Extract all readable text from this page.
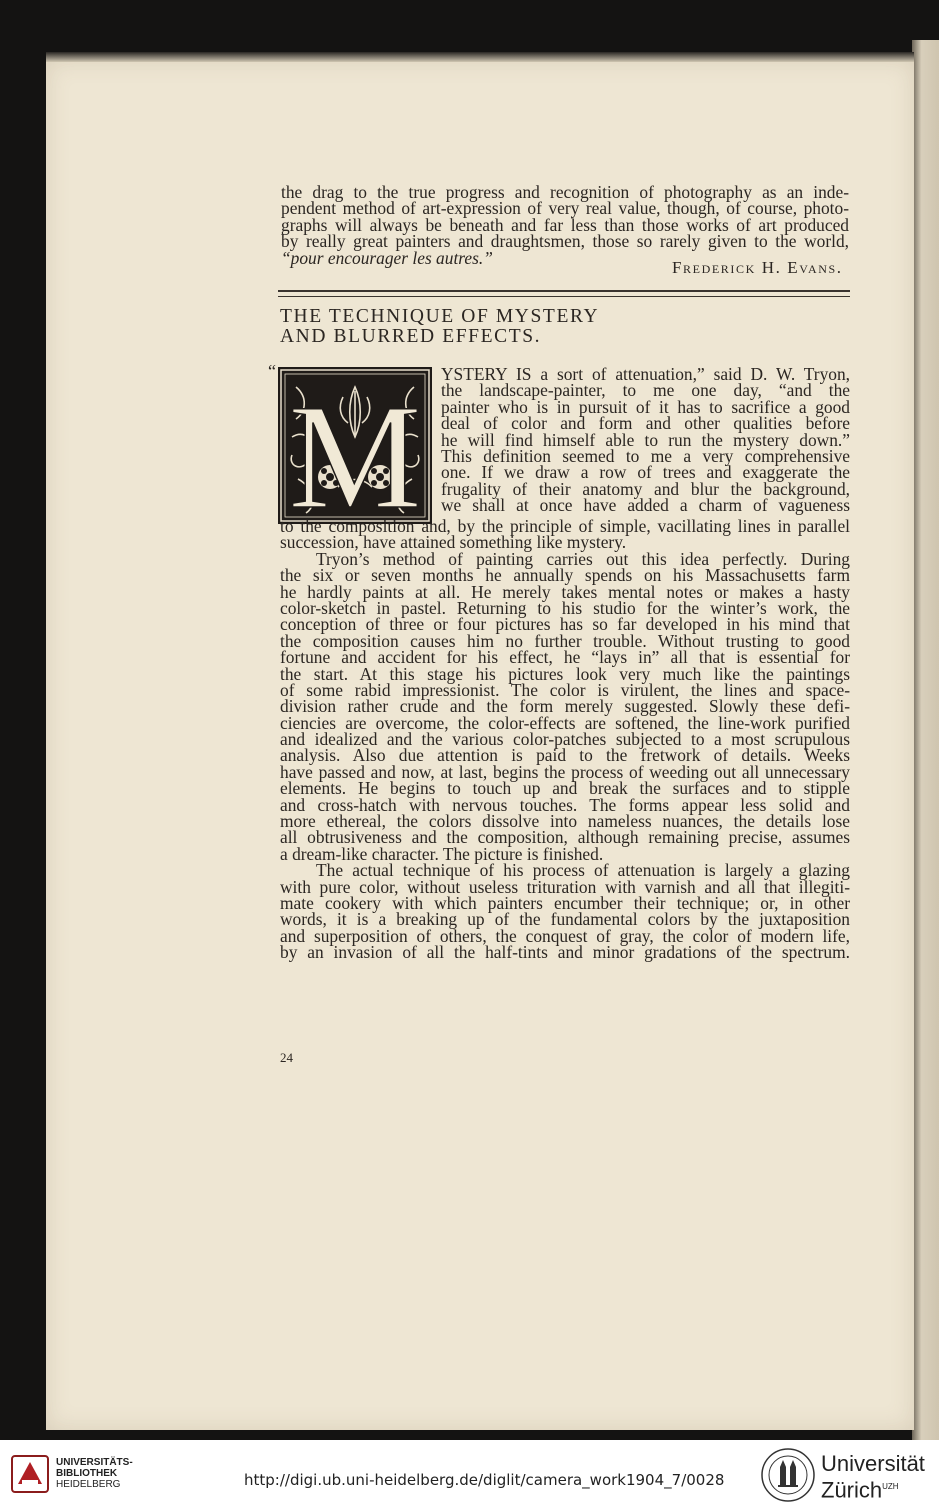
the drag to the true progress and recognition of photography as an inde-
pendent method of art-expression of very real value, though, of course, photo-
graphs will always be beneath and far less than those works of art produced
by really great painters and draughtsmen, those so rarely given to the world,
“pour encourager les autres.”	Frederick H. Evans.
THE TECHNIQUE OF MYSTERY
AND BLURRED EFFECTS.
“
M YSTERY IS a sort of attenuation,” said D. W. Tryon,
the landscape-painter, to me one day, “and the
painter who is in pursuit of it has to sacrifice a good
deal of color and form and other qualities before
he will find himself able to run the mystery down.”
This definition seemed to me a very comprehensive
one. If we draw a row of trees and exaggerate the
frugality of their anatomy and blur the background,
we shall at once have added a charm of vagueness
to the composition and, by the principle of simple, vacillating lines in parallel
succession, have attained something like mystery.
Tryon’s method of painting carries out this idea perfectly. During
the six or seven months he annually spends on his Massachusetts farm
he hardly paints at all. He merely takes mental notes or makes a hasty
color-sketch in pastel. Returning to his studio for the winter’s work, the
conception of three or four pictures has so far developed in his mind that
the composition causes him no further trouble. Without trusting to good
fortune and accident for his effect, he “lays in” all that is essential for
the start. At this stage his pictures look very much like the paintings
of some rabid impressionist. The color is virulent, the lines and space-
division rather crude and the form merely suggested. Slowly these defi-
ciencies are overcome, the color-effects are softened, the line-work purified
and idealized and the various color-patches subjected to a most scrupulous
analysis. Also due attention is paid to the fretwork of details. Weeks
have passed and now, at last, begins the process of weeding out all unnecessary
elements. He begins to touch up and break the surfaces and to stipple
and cross-hatch with nervous touches. The forms appear less solid and
more ethereal, the colors dissolve into nameless nuances, the details lose
all obtrusiveness and the composition, although remaining precise, assumes
a dream-like character. The picture is finished.
The actual technique of his process of attenuation is largely a glazing
with pure color, without useless trituration with varnish and all that illegiti-
mate cookery with which painters encumber their technique; or, in other
words, it is a breaking up of the fundamental colors by the juxtaposition
and superposition of others, the conquest of gray, the color of modern life,
by an invasion of all the half-tints and minor gradations of the spectrum.
24
UNIVERSITÄTS-
BIBLIOTHEK
HEIDELBERG	http://digi.ub.uni-heidelberg.de/diglit/camera_work1904_7/0028
Universität
Zürich$^{UZH}$
